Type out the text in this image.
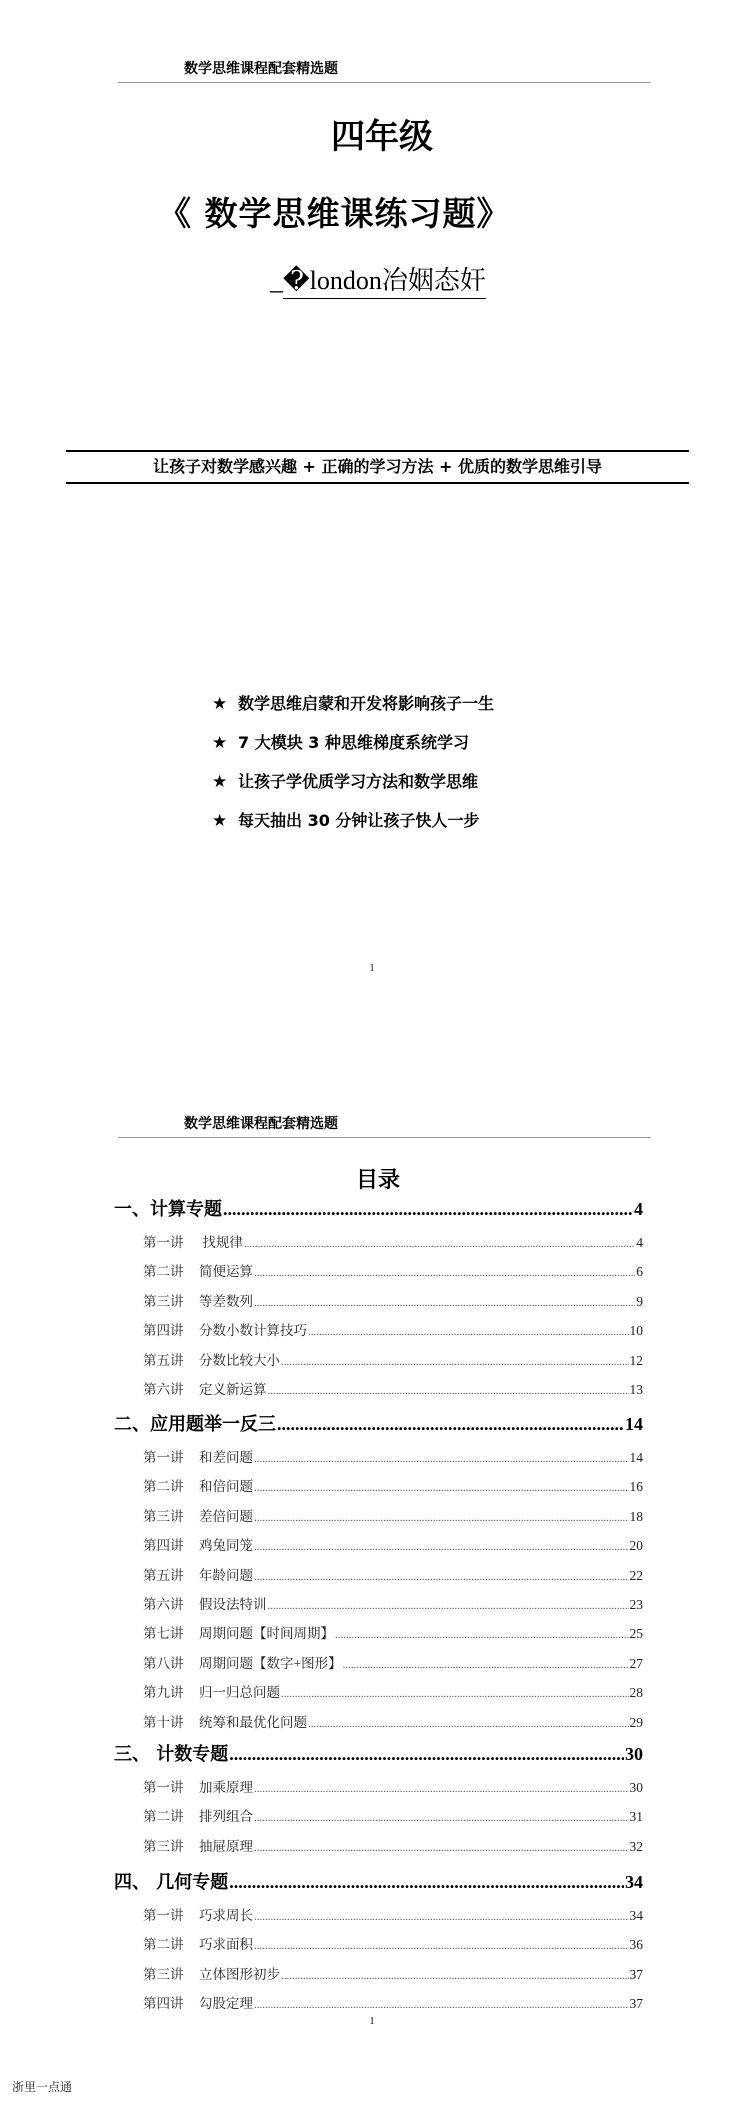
数学思维课程配套精选题
四年级
《 数学思维课练习题》
_�london冶姻态奸
让孩子对数学感兴趣 + 正确的学习方法 + 优质的数学思维引导
★ 数学思维启蒙和开发将影响孩子一生
★ 7 大模块 3 种思维梯度系统学习
★ 让孩子学优质学习方法和数学思维
★ 每天抽出 30 分钟让孩子快人一步
1
数学思维课程配套精选题
目录
一、计算专题 .....	4
第一讲 找规律 .....	4
第二讲 简便运算 .....	6
第三讲 等差数列 .....	9
第四讲 分数小数计算技巧 .....	10
第五讲 分数比较大小 .....	12
第六讲 定义新运算 .....	13
二、应用题举一反三 .....	14
第一讲 和差问题 .....	14
第二讲 和倍问题 .....	16
第三讲 差倍问题 .....	18
第四讲 鸡兔同笼 .....	20
第五讲 年龄问题 .....	22
第六讲 假设法特训 .....	23
第七讲 周期问题【时间周期】 .....	25
第八讲 周期问题【数字+图形】 .....	27
第九讲 归一归总问题 .....	28
第十讲 统筹和最优化问题 .....	29
三、 计数专题 .....	30
第一讲 加乘原理 .....	30
第二讲 排列组合 .....	31
第三讲 抽屉原理 .....	32
四、 几何专题 .....	34
第一讲 巧求周长 .....	34
第二讲 巧求面积 .....	36
第三讲 立体图形初步 .....	37
第四讲 勾股定理 .....	37
1
浙里一点通
